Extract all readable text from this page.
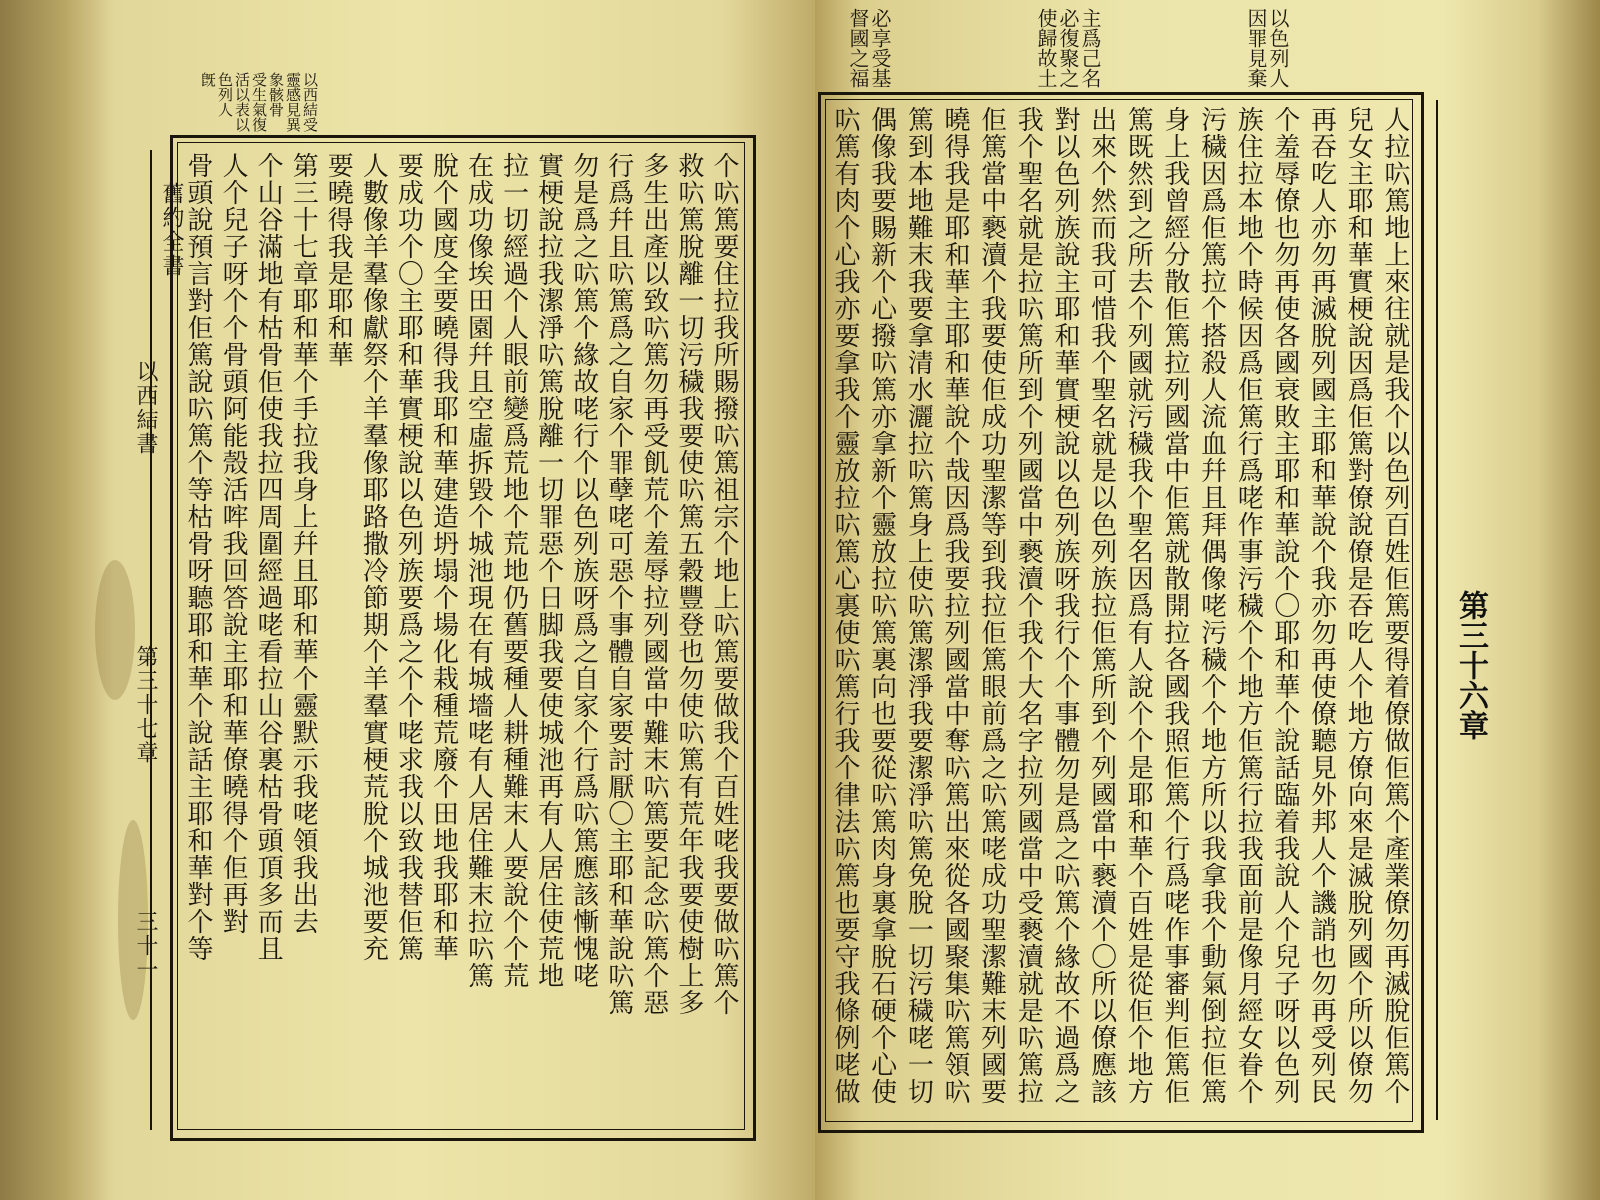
以西結受
靈感見異
象骸骨
受生氣復
活以表以
色列人
旣
舊約全書
以西結書
第三十七章
三十一	个𠯿篤要住拉我所賜撥𠯿篤祖宗个地上𠯿篤要做我个百姓咾我要做𠯿篤个
救𠯿篤脫離一切污穢我要使𠯿篤五穀豐登也勿使𠯿篤有荒年我要使樹上多
多生出產以致𠯿篤勿再受飢荒个羞辱拉列國當中難末𠯿篤要記念𠯿篤个惡
行爲幷且𠯿篤爲之自家个罪孽咾可惡个事體自家要討厭〇主耶和華說𠯿篤
勿是爲之𠯿篤个緣故咾行个以色列族呀爲之自家个行爲𠯿篤應該慚愧咾
實梗說拉我潔淨𠯿篤脫離一切罪惡个日脚我要使城池再有人居住使荒地
拉一切經過个人眼前變爲荒地个荒地仍舊要種人耕種難末人要說个个荒
在成功像埃田園幷且空虛拆毀个城池現在有城墻咾有人居住難末拉𠯿篤
脫个國度全要曉得我耶和華建造坍塌个場化栽種荒廢个田地我耶和華
要成功个〇主耶和華實梗說以色列族要爲之个个咾求我以致我替佢篤
人數像羊羣像獻祭个羊羣像耶路撒冷節期个羊羣實梗荒脫个城池要充
要曉得我是耶和華
第三十七章耶和華个手拉我身上幷且耶和華个靈默示我咾領我出去
个山谷滿地有枯骨佢使我拉四周圍經過咾看拉山谷裏枯骨頭頂多而且
人个兒子呀个个骨頭阿能殼活哰我回答說主耶和華僚曉得个佢再對
骨頭說預言對佢篤說𠯿篤个等枯骨呀聽耶和華个說話主耶和華對个等
以色列人
因罪見棄
主爲己名
必復聚之
使歸故土
必享受基
督國之福
第三十六章
人拉𠯿篤地上來往就是我个以色列百姓佢篤要得着僚做佢篤个產業僚勿再滅脫佢篤个
兒女主耶和華實梗說因爲佢篤對僚說僚是吞吃人个地方僚向來是滅脫列國个所以僚勿
再吞吃人亦勿再滅脫列國主耶和華說个我亦勿再使僚聽見外邦人个譏誚也勿再受列民
个羞辱僚也勿再使各國衰敗主耶和華說个〇耶和華个說話臨着我說人个兒子呀以色列
族住拉本地个時候因爲佢篤行爲咾作事污穢个个地方佢篤行拉我面前是像月經女眷个
污穢因爲佢篤拉个搭殺人流血幷且拜偶像咾污穢个个地方所以我拿我个動氣倒拉佢篤
身上我曾經分散佢篤拉列國當中佢篤就散開拉各國我照佢篤个行爲咾作事審判佢篤佢
篤既然到之所去个列國就污穢我个聖名因爲有人說个个是耶和華个百姓是從佢个地方
出來个然而我可惜我个聖名就是以色列族拉佢篤所到个列國當中褻瀆个〇所以僚應該
對以色列族說主耶和華實梗說以色列族呀我行个个事體勿是爲之𠯿篤个緣故不過爲之
我个聖名就是拉𠯿篤所到个列國當中褻瀆个我个大名字拉列國當中受褻瀆就是𠯿篤拉
佢篤當中褻瀆个我要使佢成功聖潔等到我拉佢篤眼前爲之𠯿篤咾成功聖潔難末列國要
曉得我是耶和華主耶和華說个哉因爲我要拉列國當中奪𠯿篤出來從各國聚集𠯿篤領𠯿
篤到本地難末我要拿清水灑拉𠯿篤身上使𠯿篤潔淨我要潔淨𠯿篤免脫一切污穢咾一切
偶像我要賜新个心撥𠯿篤亦拿新个靈放拉𠯿篤裏向也要從𠯿篤肉身裏拿脫石硬个心使
𠯿篤有肉个心我亦要拿我个靈放拉𠯿篤心裏使𠯿篤行我个律法𠯿篤也要守我條例咾做
